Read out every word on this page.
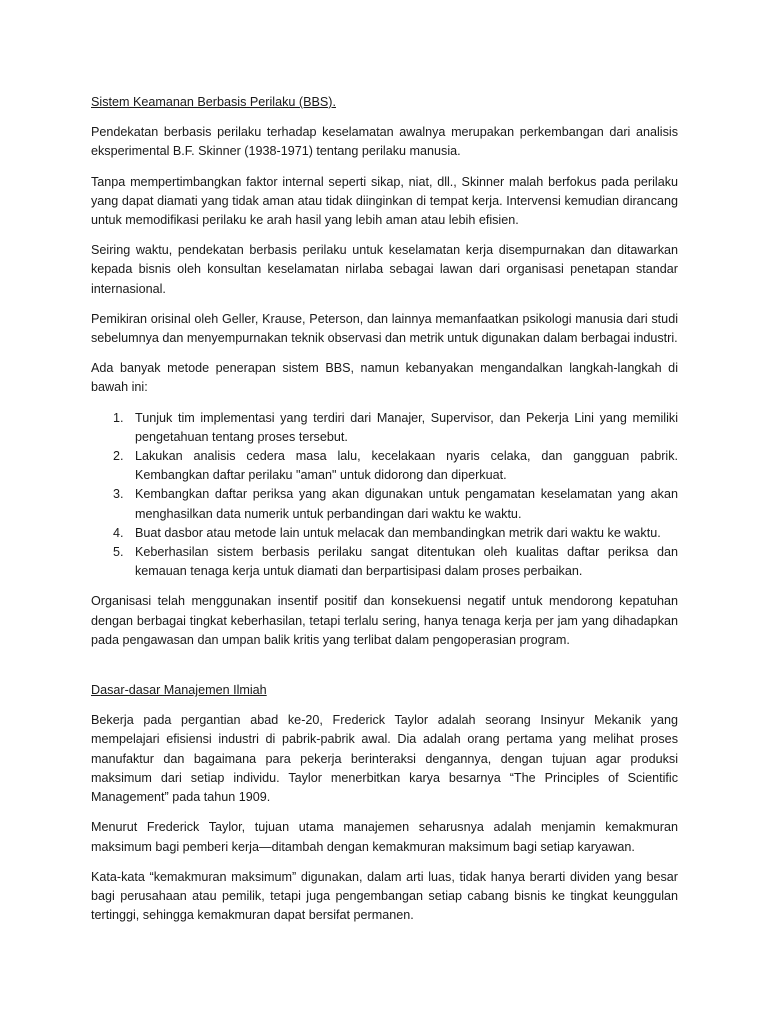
Sistem Keamanan Berbasis Perilaku (BBS).

Pendekatan berbasis perilaku terhadap keselamatan awalnya merupakan perkembangan dari analisis eksperimental B.F. Skinner (1938-1971) tentang perilaku manusia.

Tanpa mempertimbangkan faktor internal seperti sikap, niat, dll., Skinner malah berfokus pada perilaku yang dapat diamati yang tidak aman atau tidak diinginkan di tempat kerja. Intervensi kemudian dirancang untuk memodifikasi perilaku ke arah hasil yang lebih aman atau lebih efisien.

Seiring waktu, pendekatan berbasis perilaku untuk keselamatan kerja disempurnakan dan ditawarkan kepada bisnis oleh konsultan keselamatan nirlaba sebagai lawan dari organisasi penetapan standar internasional.

Pemikiran orisinal oleh Geller, Krause, Peterson, dan lainnya memanfaatkan psikologi manusia dari studi sebelumnya dan menyempurnakan teknik observasi dan metrik untuk digunakan dalam berbagai industri.

Ada banyak metode penerapan sistem BBS, namun kebanyakan mengandalkan langkah-langkah di bawah ini:

1. Tunjuk tim implementasi yang terdiri dari Manajer, Supervisor, dan Pekerja Lini yang memiliki pengetahuan tentang proses tersebut.
2. Lakukan analisis cedera masa lalu, kecelakaan nyaris celaka, dan gangguan pabrik. Kembangkan daftar perilaku "aman" untuk didorong dan diperkuat.
3. Kembangkan daftar periksa yang akan digunakan untuk pengamatan keselamatan yang akan menghasilkan data numerik untuk perbandingan dari waktu ke waktu.
4. Buat dasbor atau metode lain untuk melacak dan membandingkan metrik dari waktu ke waktu.
5. Keberhasilan sistem berbasis perilaku sangat ditentukan oleh kualitas daftar periksa dan kemauan tenaga kerja untuk diamati dan berpartisipasi dalam proses perbaikan.

Organisasi telah menggunakan insentif positif dan konsekuensi negatif untuk mendorong kepatuhan dengan berbagai tingkat keberhasilan, tetapi terlalu sering, hanya tenaga kerja per jam yang dihadapkan pada pengawasan dan umpan balik kritis yang terlibat dalam pengoperasian program.

Dasar-dasar Manajemen Ilmiah

Bekerja pada pergantian abad ke-20, Frederick Taylor adalah seorang Insinyur Mekanik yang mempelajari efisiensi industri di pabrik-pabrik awal. Dia adalah orang pertama yang melihat proses manufaktur dan bagaimana para pekerja berinteraksi dengannya, dengan tujuan agar produksi maksimum dari setiap individu. Taylor menerbitkan karya besarnya “The Principles of Scientific Management” pada tahun 1909.

Menurut Frederick Taylor, tujuan utama manajemen seharusnya adalah menjamin kemakmuran maksimum bagi pemberi kerja—ditambah dengan kemakmuran maksimum bagi setiap karyawan.

Kata-kata “kemakmuran maksimum” digunakan, dalam arti luas, tidak hanya berarti dividen yang besar bagi perusahaan atau pemilik, tetapi juga pengembangan setiap cabang bisnis ke tingkat keunggulan tertinggi, sehingga kemakmuran dapat bersifat permanen.
